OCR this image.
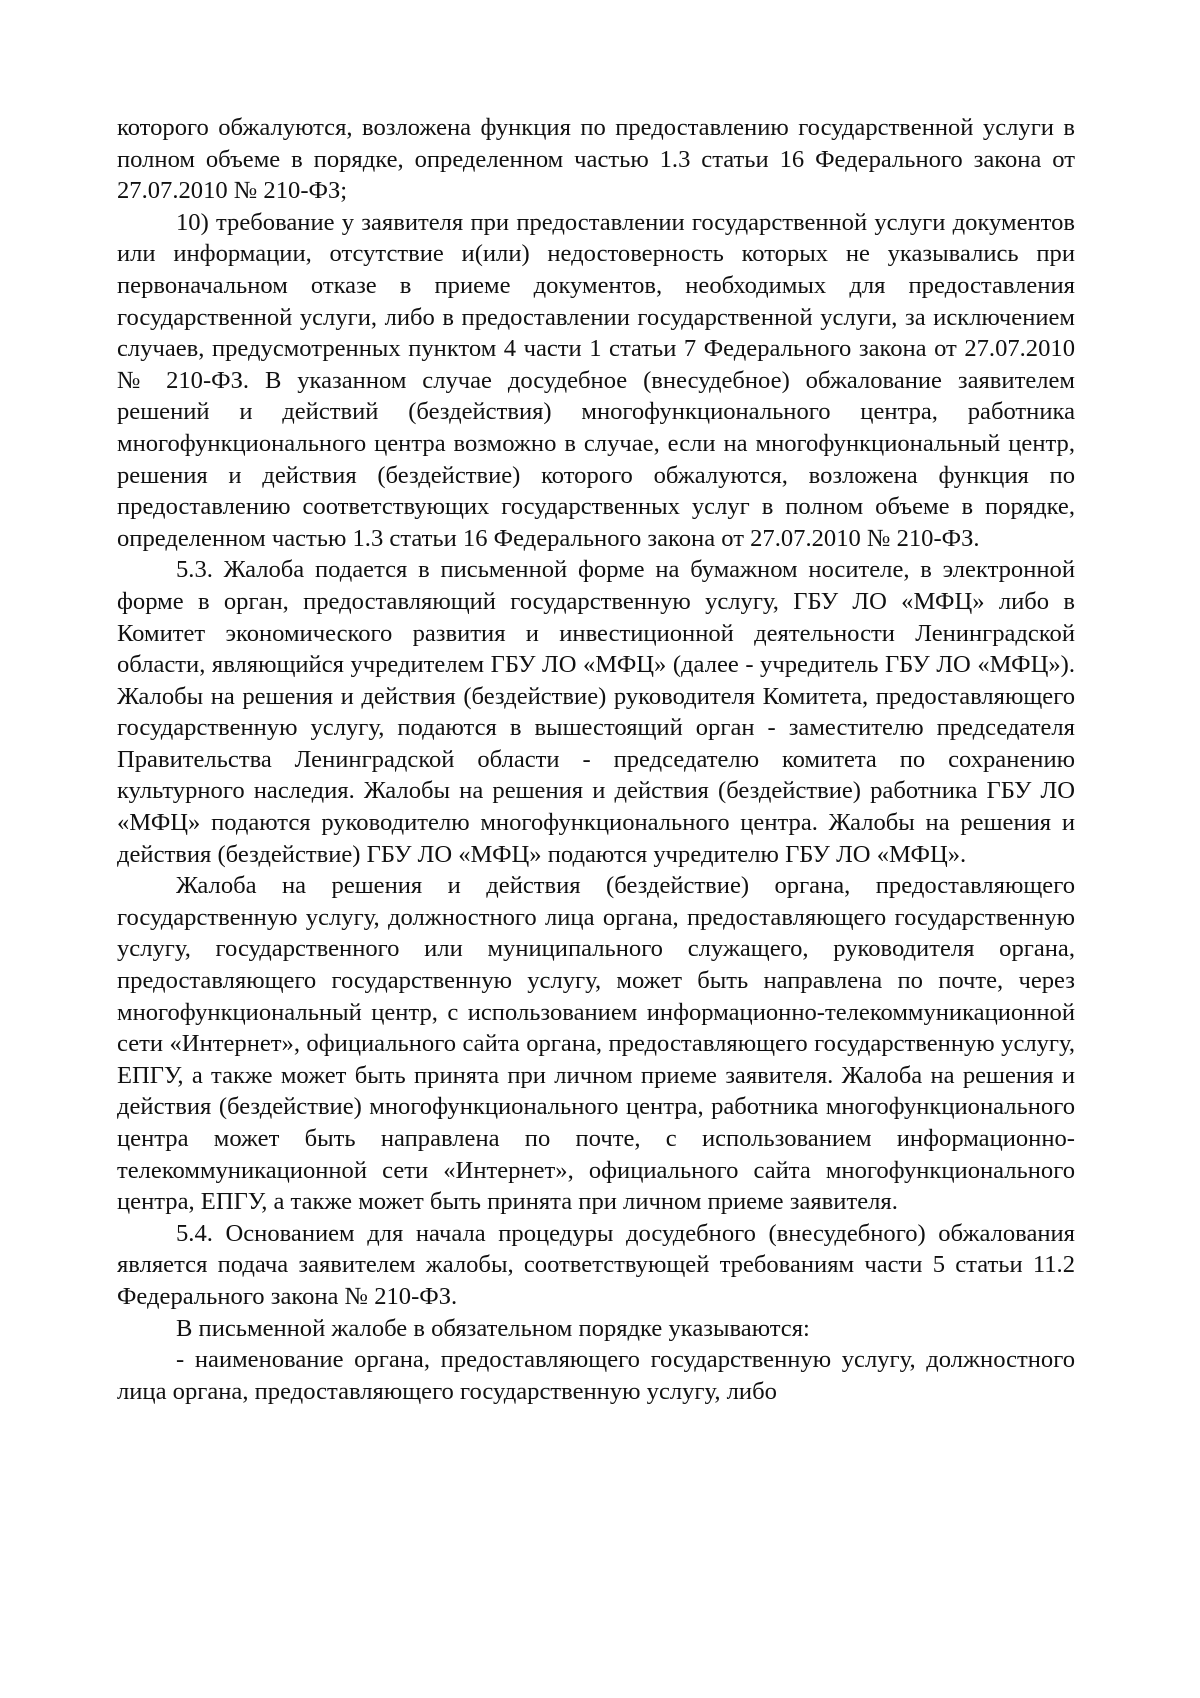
которого обжалуются, возложена функция по предоставлению государственной услуги в полном объеме в порядке, определенном частью 1.3 статьи 16 Федерального закона от 27.07.2010 № 210-ФЗ;

10) требование у заявителя при предоставлении государственной услуги документов или информации, отсутствие и(или) недостоверность которых не указывались при первоначальном отказе в приеме документов, необходимых для предоставления государственной услуги, либо в предоставлении государственной услуги, за исключением случаев, предусмотренных пунктом 4 части 1 статьи 7 Федерального закона от 27.07.2010 № 210-ФЗ. В указанном случае досудебное (внесудебное) обжалование заявителем решений и действий (бездействия) многофункционального центра, работника многофункционального центра возможно в случае, если на многофункциональный центр, решения и действия (бездействие) которого обжалуются, возложена функция по предоставлению соответствующих государственных услуг в полном объеме в порядке, определенном частью 1.3 статьи 16 Федерального закона от 27.07.2010 № 210-ФЗ.

5.3. Жалоба подается в письменной форме на бумажном носителе, в электронной форме в орган, предоставляющий государственную услугу, ГБУ ЛО «МФЦ» либо в Комитет экономического развития и инвестиционной деятельности Ленинградской области, являющийся учредителем ГБУ ЛО «МФЦ» (далее - учредитель ГБУ ЛО «МФЦ»). Жалобы на решения и действия (бездействие) руководителя Комитета, предоставляющего государственную услугу, подаются в вышестоящий орган - заместителю председателя Правительства Ленинградской области - председателю комитета по сохранению культурного наследия. Жалобы на решения и действия (бездействие) работника ГБУ ЛО «МФЦ» подаются руководителю многофункционального центра. Жалобы на решения и действия (бездействие) ГБУ ЛО «МФЦ» подаются учредителю ГБУ ЛО «МФЦ».

Жалоба на решения и действия (бездействие) органа, предоставляющего государственную услугу, должностного лица органа, предоставляющего государственную услугу, государственного или муниципального служащего, руководителя органа, предоставляющего государственную услугу, может быть направлена по почте, через многофункциональный центр, с использованием информационно-телекоммуникационной сети «Интернет», официального сайта органа, предоставляющего государственную услугу, ЕПГУ, а также может быть принята при личном приеме заявителя. Жалоба на решения и действия (бездействие) многофункционального центра, работника многофункционального центра может быть направлена по почте, с использованием информационно-телекоммуникационной сети «Интернет», официального сайта многофункционального центра, ЕПГУ, а также может быть принята при личном приеме заявителя.

5.4. Основанием для начала процедуры досудебного (внесудебного) обжалования является подача заявителем жалобы, соответствующей требованиям части 5 статьи 11.2 Федерального закона № 210-ФЗ.

В письменной жалобе в обязательном порядке указываются:

- наименование органа, предоставляющего государственную услугу, должностного лица органа, предоставляющего государственную услугу, либо
